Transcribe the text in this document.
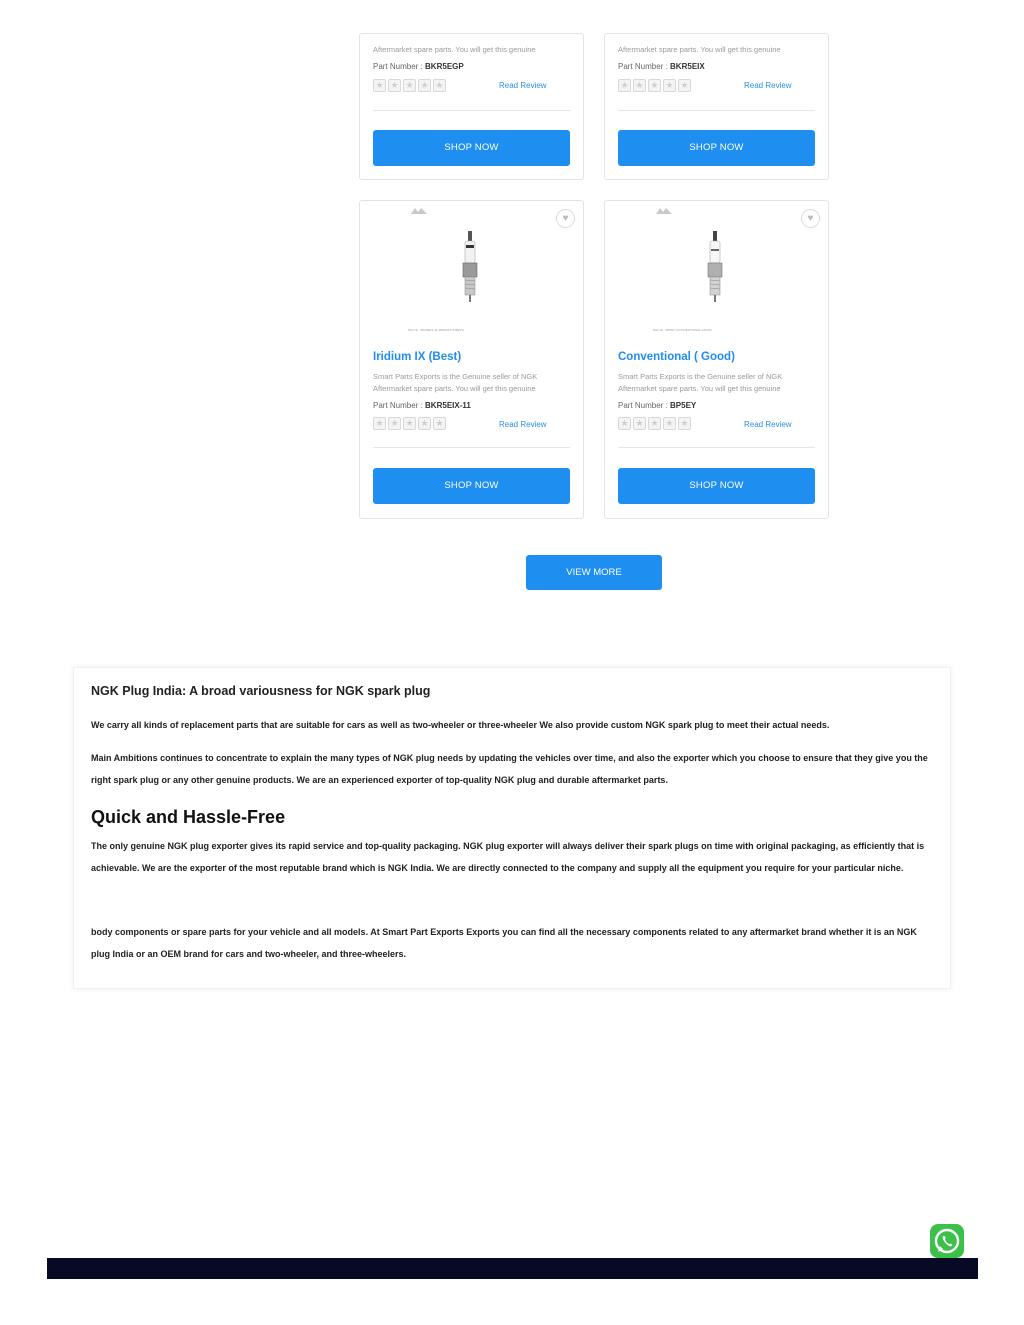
Aftermarket spare parts. You will get this genuine
Part Number : BKR5EGP
★ ★ ★ ★ ★	Read Review
SHOP NOW
Aftermarket spare parts. You will get this genuine
Part Number : BKR5EIX
★ ★ ★ ★ ★	Read Review
SHOP NOW
♥
Part No : BKR5EIX-11 (IRIDIUM IX BEST)
Iridium IX (Best)
Smart Parts Exports is the Genuine seller of NGK Aftermarket spare parts. You will get this genuine
Part Number : BKR5EIX-11
★ ★ ★ ★ ★	Read Review
SHOP NOW
♥
Part No : BP5EY (CONVENTIONAL GOOD)
Conventional ( Good)
Smart Parts Exports is the Genuine seller of NGK Aftermarket spare parts. You will get this genuine
Part Number : BP5EY
★ ★ ★ ★ ★	Read Review
SHOP NOW
VIEW MORE
NGK Plug India: A broad variousness for NGK spark plug
We carry all kinds of replacement parts that are suitable for cars as well as two-wheeler or three-wheeler We also provide custom NGK spark plug to meet their actual needs.
Main Ambitions continues to concentrate to explain the many types of NGK plug needs by updating the vehicles over time, and also the exporter which you choose to ensure that they give you the right spark plug or any other genuine products. We are an experienced exporter of top-quality NGK plug and durable aftermarket parts.
Quick and Hassle-Free
The only genuine NGK plug exporter gives its rapid service and top-quality packaging. NGK plug exporter will always deliver their spark plugs on time with original packaging, as efficiently that is achievable. We are the exporter of the most reputable brand which is NGK India. We are directly connected to the company and supply all the equipment you require for your particular niche.
body components or spare parts for your vehicle and all models. At Smart Part Exports Exports you can find all the necessary components related to any aftermarket brand whether it is an NGK plug India or an OEM brand for cars and two-wheeler, and three-wheelers.
